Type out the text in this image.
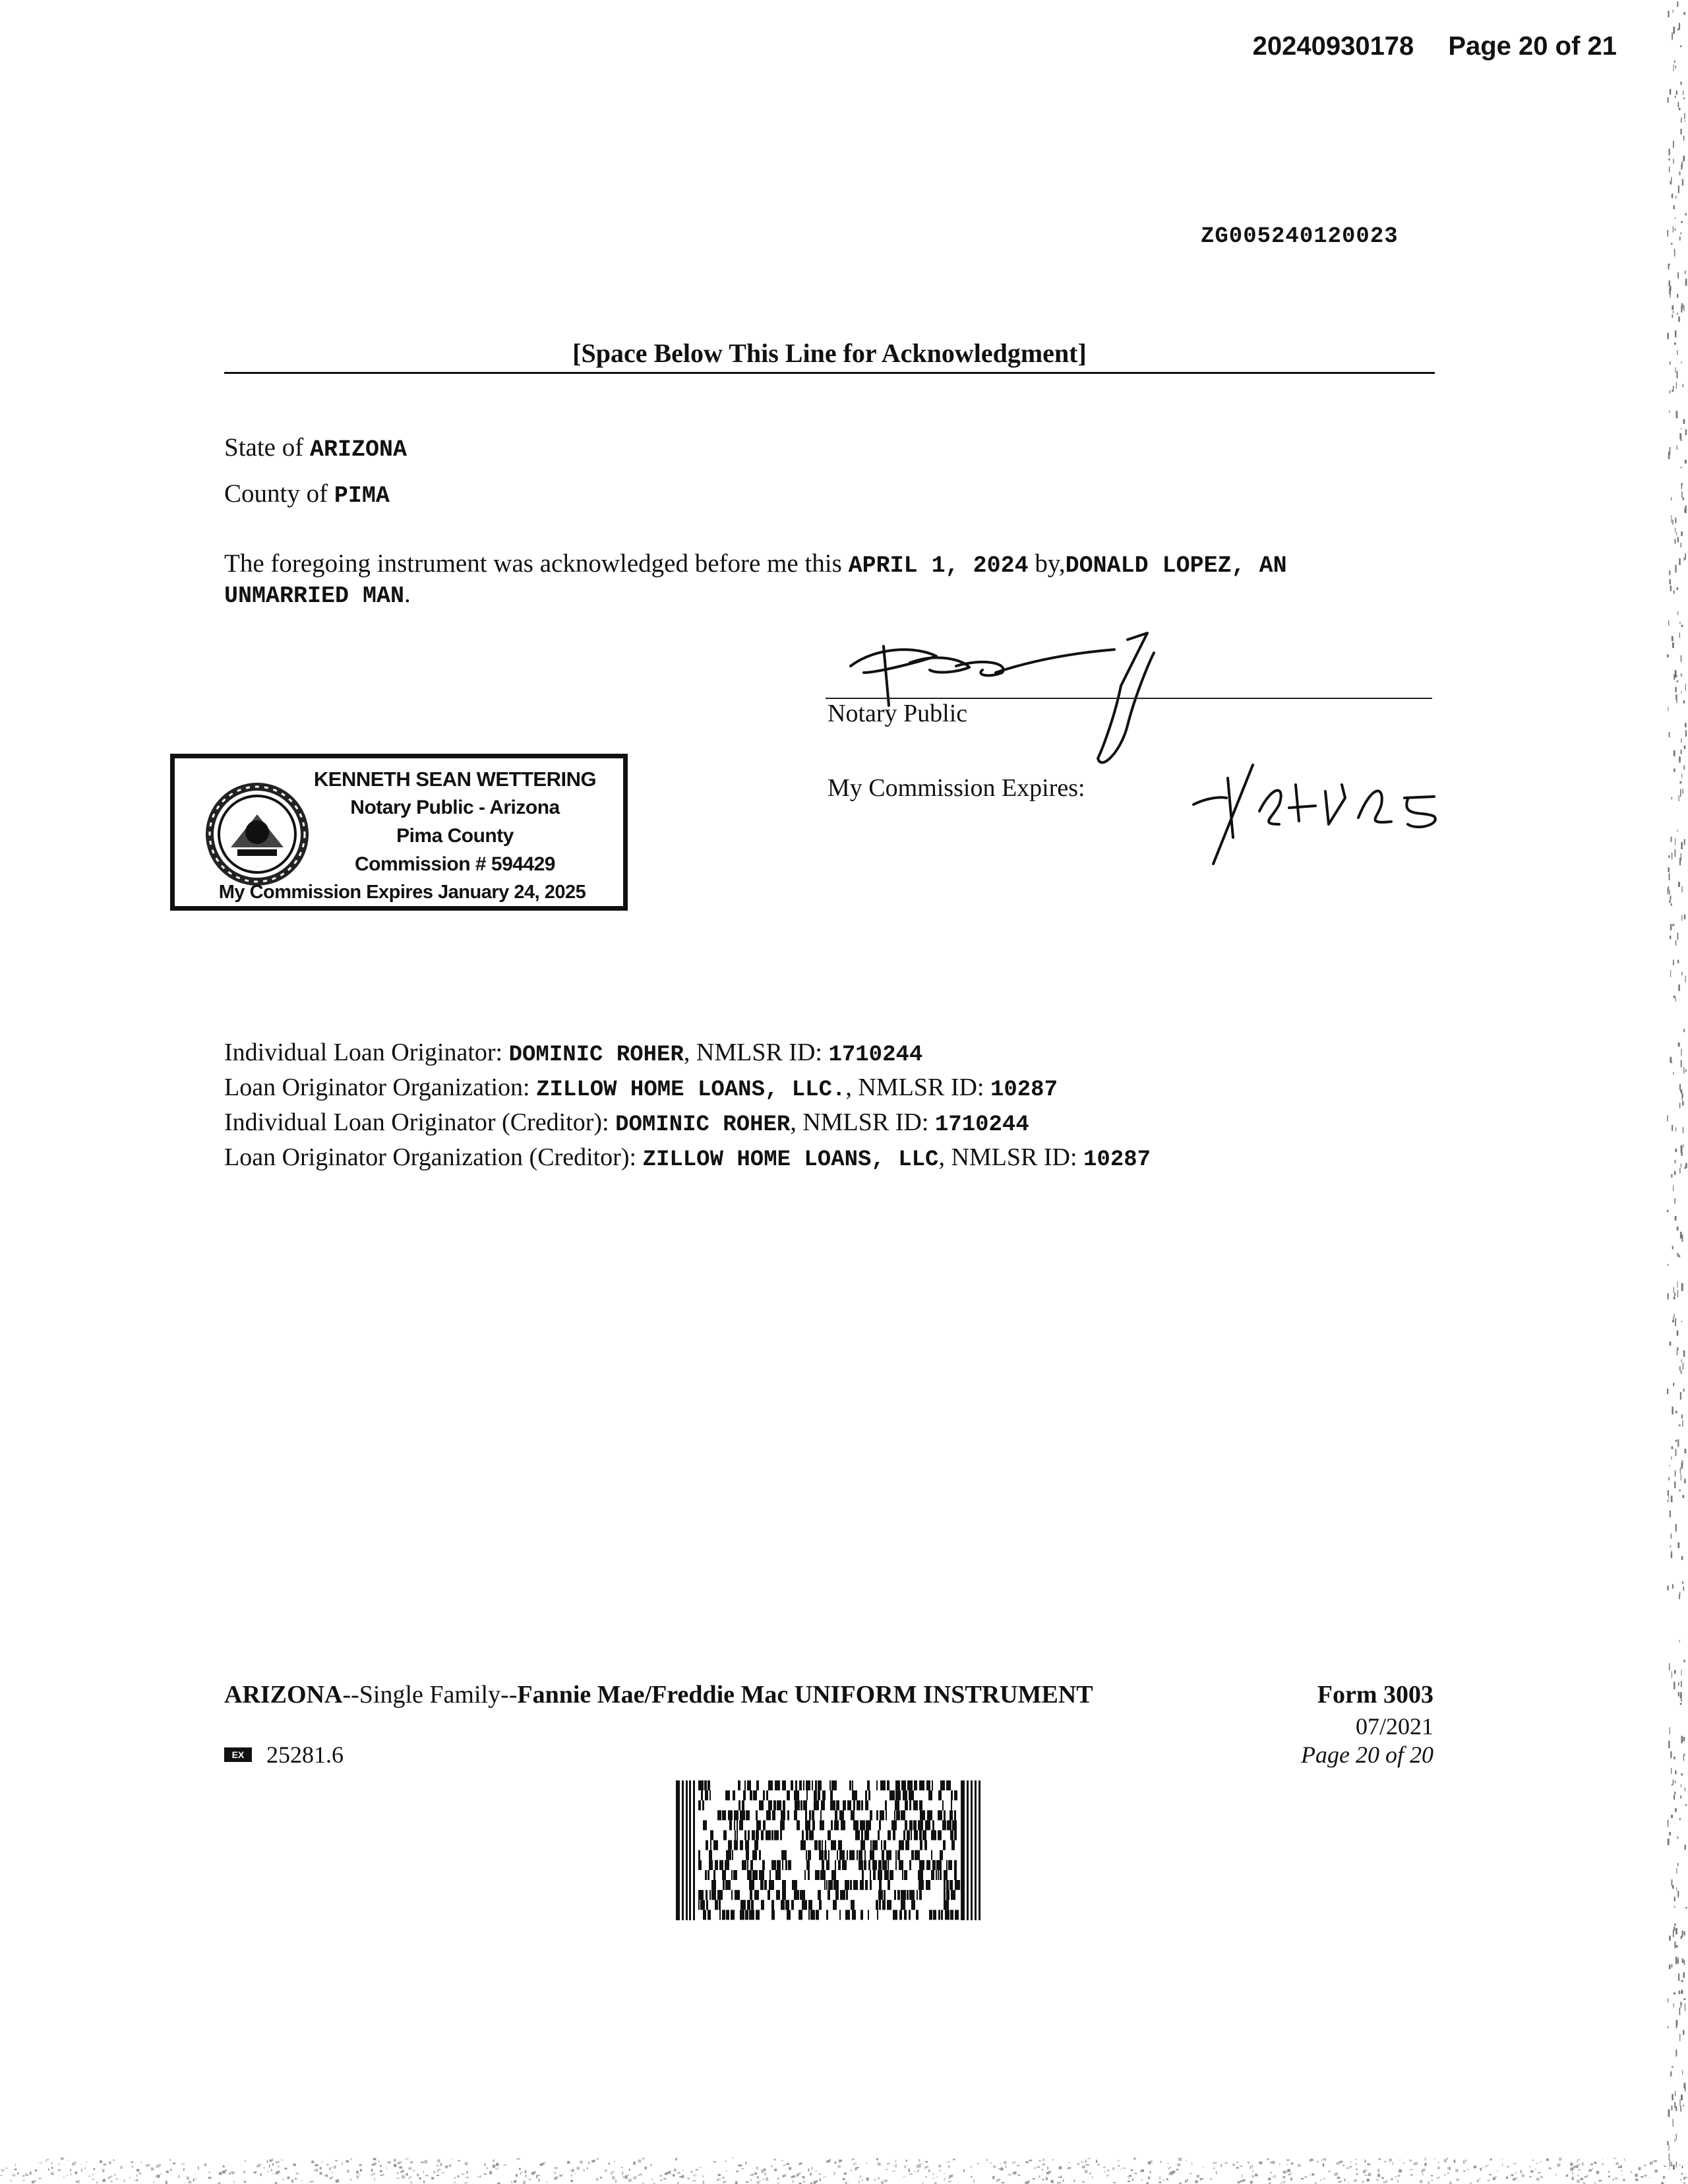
20240930178 Page 20 of 21
ZG005240120023
[Space Below This Line for Acknowledgment]
State of ARIZONA
County of PIMA
The foregoing instrument was acknowledged before me this APRIL 1, 2024 by,DONALD LOPEZ, AN
UNMARRIED MAN.
Notary Public
My Commission Expires:
KENNETH SEAN WETTERING
Notary Public - Arizona
Pima County
Commission # 594429
My Commission Expires January 24, 2025
Individual Loan Originator: DOMINIC ROHER, NMLSR ID: 1710244
Loan Originator Organization: ZILLOW HOME LOANS, LLC., NMLSR ID: 10287
Individual Loan Originator (Creditor): DOMINIC ROHER, NMLSR ID: 1710244
Loan Originator Organization (Creditor): ZILLOW HOME LOANS, LLC, NMLSR ID: 10287
ARIZONA--Single Family--Fannie Mae/Freddie Mac UNIFORM INSTRUMENT	Form 3003
07/2021
Page 20 of 20
EX 25281.6
